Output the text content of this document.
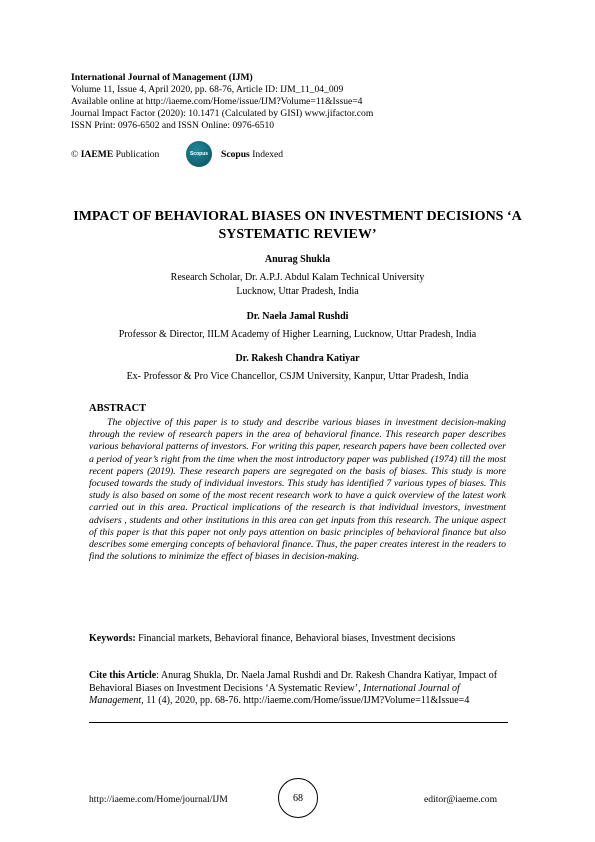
International Journal of Management (IJM)
Volume 11, Issue 4, April 2020, pp. 68-76, Article ID: IJM_11_04_009
Available online at http://iaeme.com/Home/issue/IJM?Volume=11&Issue=4
Journal Impact Factor (2020): 10.1471 (Calculated by GISI) www.jifactor.com
ISSN Print: 0976-6502 and ISSN Online: 0976-6510
© IAEME Publication	Scopus	Scopus Indexed
IMPACT OF BEHAVIORAL BIASES ON INVESTMENT DECISIONS ‘A SYSTEMATIC REVIEW’
Anurag Shukla
Research Scholar, Dr. A.P.J. Abdul Kalam Technical University
Lucknow, Uttar Pradesh, India
Dr. Naela Jamal Rushdi
Professor & Director, IILM Academy of Higher Learning, Lucknow, Uttar Pradesh, India
Dr. Rakesh Chandra Katiyar
Ex- Professor & Pro Vice Chancellor, CSJM University, Kanpur, Uttar Pradesh, India
ABSTRACT
The objective of this paper is to study and describe various biases in investment decision-making through the review of research papers in the area of behavioral finance. This research paper describes various behavioral patterns of investors. For writing this paper, research papers have been collected over a period of year’s right from the time when the most introductory paper was published (1974) till the most recent papers (2019). These research papers are segregated on the basis of biases. This study is more focused towards the study of individual investors. This study has identified 7 various types of biases. This study is also based on some of the most recent research work to have a quick overview of the latest work carried out in this area. Practical implications of the research is that individual investors, investment advisers , students and other institutions in this area can get inputs from this research. The unique aspect of this paper is that this paper not only pays attention on basic principles of behavioral finance but also describes some emerging concepts of behavioral finance. Thus, the paper creates interest in the readers to find the solutions to minimize the effect of biases in decision-making.
Keywords: Financial markets, Behavioral finance, Behavioral biases, Investment decisions
Cite this Article: Anurag Shukla, Dr. Naela Jamal Rushdi and Dr. Rakesh Chandra Katiyar, Impact of Behavioral Biases on Investment Decisions ‘A Systematic Review’, International Journal of Management, 11 (4), 2020, pp. 68-76. http://iaeme.com/Home/issue/IJM?Volume=11&Issue=4
http://iaeme.com/Home/journal/IJM	68	editor@iaeme.com
